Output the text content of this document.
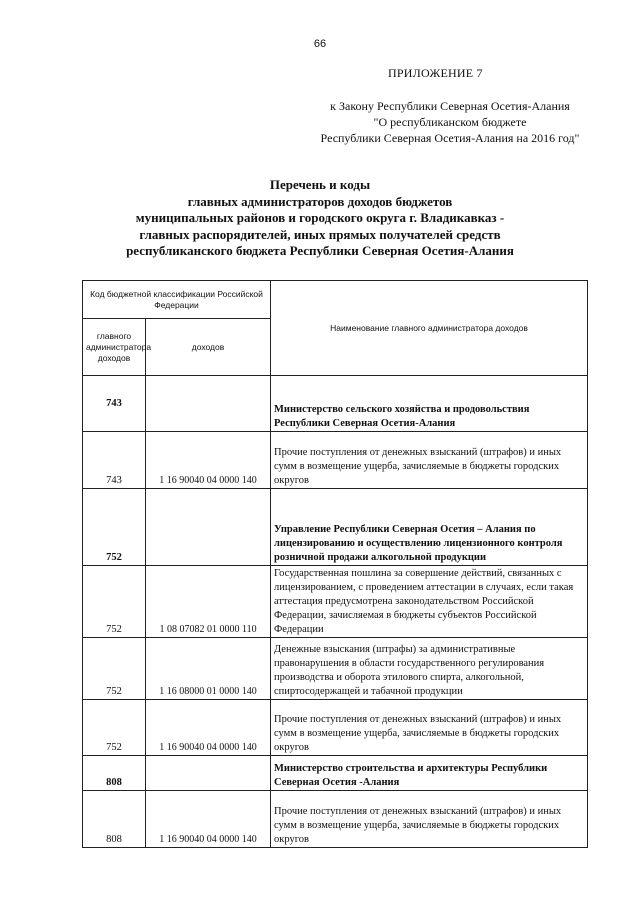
66
ПРИЛОЖЕНИЕ 7
к Закону Республики Северная Осетия-Алания
"О республиканском бюджете
Республики Северная Осетия-Алания на 2016 год"
Перечень и коды
главных администраторов доходов бюджетов
муниципальных районов и городского округа г. Владикавказ -
главных распорядителей, иных прямых получателей средств
республиканского бюджета Республики Северная Осетия-Алания
Код бюджетной классификации Российской Федерации		Наименование главного администратора доходов
главного администратора доходов	доходов	
743		Министерство сельского хозяйства и продовольствия Республики Северная Осетия-Алания
743	1 16 90040 04 0000 140	Прочие поступления от денежных взысканий (штрафов) и иных сумм в возмещение ущерба, зачисляемые в бюджеты городских округов
752		Управление Республики Северная Осетия – Алания по лицензированию и осуществлению лицензионного контроля розничной продажи алкогольной продукции
752	1 08 07082 01 0000 110	Государственная пошлина за совершение действий, связанных с лицензированием, с проведением аттестации в случаях, если такая аттестация предусмотрена законодательством Российской Федерации, зачисляемая в бюджеты субъектов Российской Федерации
752	1 16 08000 01 0000 140	Денежные взыскания (штрафы) за административные правонарушения в области государственного регулирования производства и оборота этилового спирта, алкогольной, спиртосодержащей и табачной продукции
752	1 16 90040 04 0000 140	Прочие поступления от денежных взысканий (штрафов) и иных сумм в возмещение ущерба, зачисляемые в бюджеты городских округов
808		Министерство строительства и архитектуры Республики Северная Осетия -Алания
808	1 16 90040 04 0000 140	Прочие поступления от денежных взысканий (штрафов) и иных сумм в возмещение ущерба, зачисляемые в бюджеты городских округов
